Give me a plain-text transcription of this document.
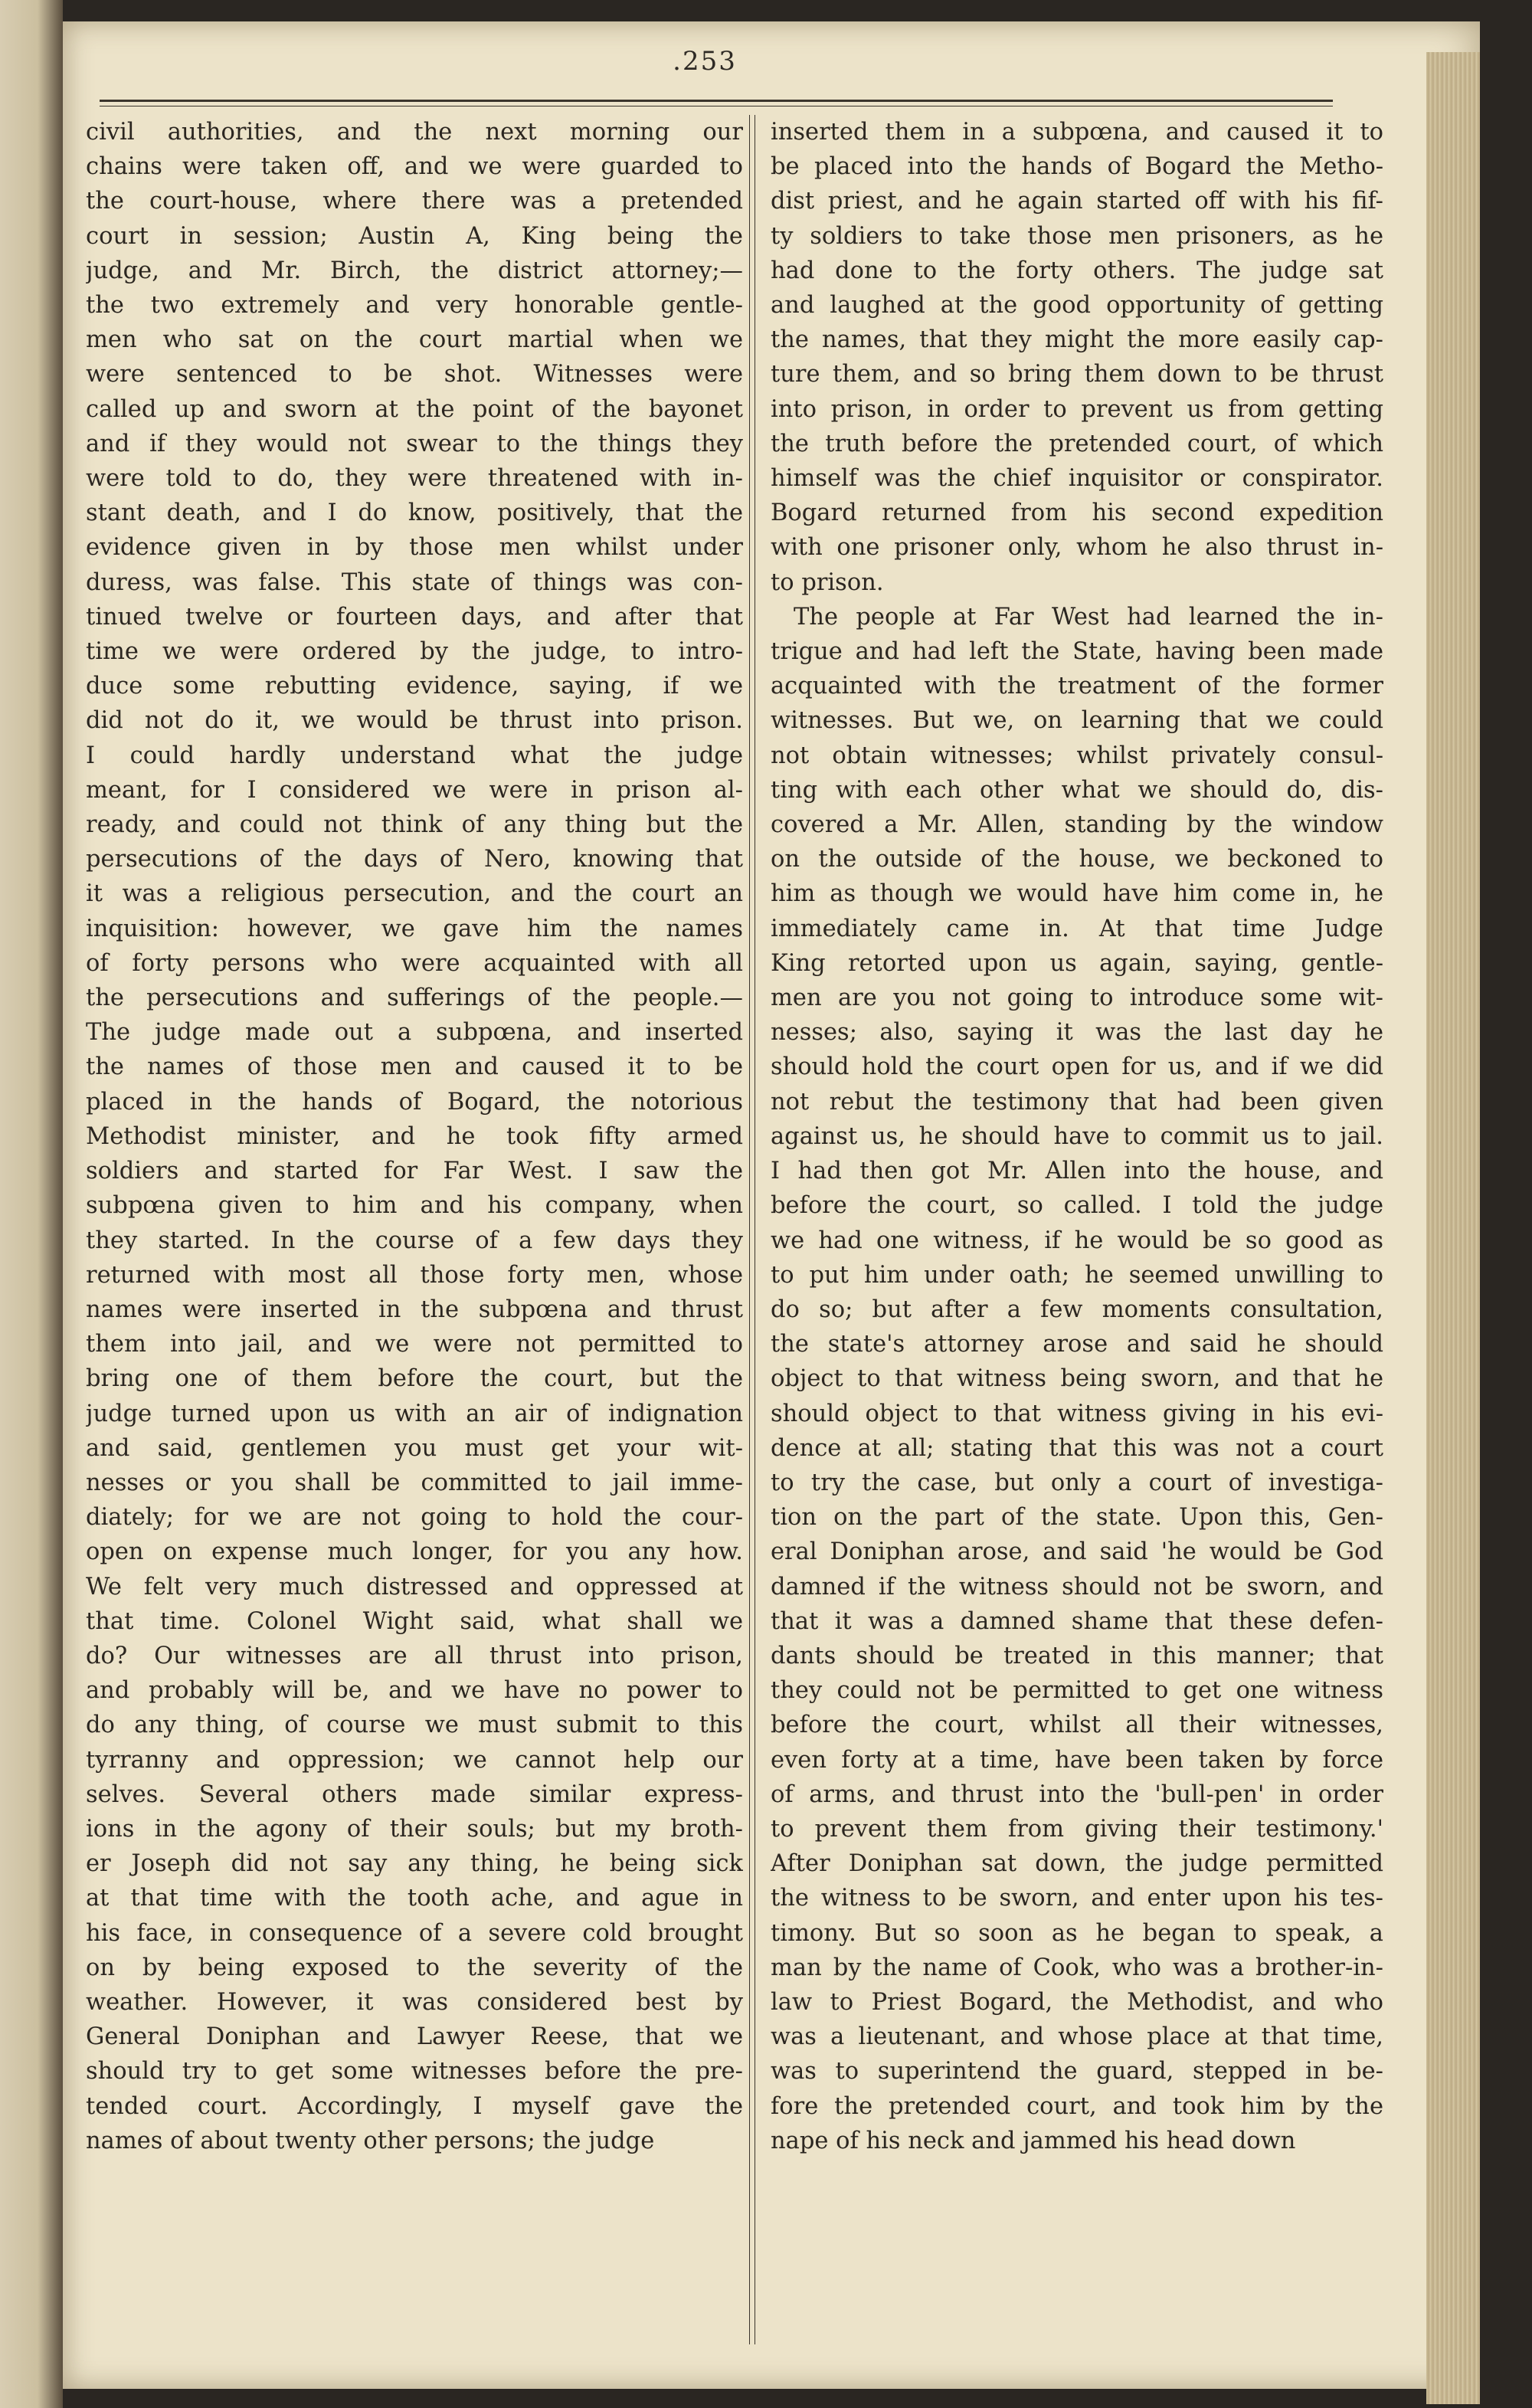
.253
civil authorities, and the next morning our
chains were taken off, and we were guarded to
the court-house, where there was a pretended
court in session; Austin A, King being the
judge, and Mr. Birch, the district attorney;—
the two extremely and very honorable gentle-
men who sat on the court martial when we
were sentenced to be shot. Witnesses were
called up and sworn at the point of the bayonet
and if they would not swear to the things they
were told to do, they were threatened with in-
stant death, and I do know, positively, that the
evidence given in by those men whilst under
duress, was false. This state of things was con-
tinued twelve or fourteen days, and after that
time we were ordered by the judge, to intro-
duce some rebutting evidence, saying, if we
did not do it, we would be thrust into prison.
I could hardly understand what the judge
meant, for I considered we were in prison al-
ready, and could not think of any thing but the
persecutions of the days of Nero, knowing that
it was a religious persecution, and the court an
inquisition: however, we gave him the names
of forty persons who were acquainted with all
the persecutions and sufferings of the people.—
The judge made out a subpœna, and inserted
the names of those men and caused it to be
placed in the hands of Bogard, the notorious
Methodist minister, and he took fifty armed
soldiers and started for Far West. I saw the
subpœna given to him and his company, when
they started. In the course of a few days they
returned with most all those forty men, whose
names were inserted in the subpœna and thrust
them into jail, and we were not permitted to
bring one of them before the court, but the
judge turned upon us with an air of indignation
and said, gentlemen you must get your wit-
nesses or you shall be committed to jail imme-
diately; for we are not going to hold the cour-
open on expense much longer, for you any how.
We felt very much distressed and oppressed at
that time. Colonel Wight said, what shall we
do? Our witnesses are all thrust into prison,
and probably will be, and we have no power to
do any thing, of course we must submit to this
tyrranny and oppression; we cannot help our
selves. Several others made similar express-
ions in the agony of their souls; but my broth-
er Joseph did not say any thing, he being sick
at that time with the tooth ache, and ague in
his face, in consequence of a severe cold brought
on by being exposed to the severity of the
weather. However, it was considered best by
General Doniphan and Lawyer Reese, that we
should try to get some witnesses before the pre-
tended court. Accordingly, I myself gave the
names of about twenty other persons; the judge
inserted them in a subpœna, and caused it to
be placed into the hands of Bogard the Metho-
dist priest, and he again started off with his fif-
ty soldiers to take those men prisoners, as he
had done to the forty others. The judge sat
and laughed at the good opportunity of getting
the names, that they might the more easily cap-
ture them, and so bring them down to be thrust
into prison, in order to prevent us from getting
the truth before the pretended court, of which
himself was the chief inquisitor or conspirator.
Bogard returned from his second expedition
with one prisoner only, whom he also thrust in-
to prison.
The people at Far West had learned the in-
trigue and had left the State, having been made
acquainted with the treatment of the former
witnesses. But we, on learning that we could
not obtain witnesses; whilst privately consul-
ting with each other what we should do, dis-
covered a Mr. Allen, standing by the window
on the outside of the house, we beckoned to
him as though we would have him come in, he
immediately came in. At that time Judge
King retorted upon us again, saying, gentle-
men are you not going to introduce some wit-
nesses; also, saying it was the last day he
should hold the court open for us, and if we did
not rebut the testimony that had been given
against us, he should have to commit us to jail.
I had then got Mr. Allen into the house, and
before the court, so called. I told the judge
we had one witness, if he would be so good as
to put him under oath; he seemed unwilling to
do so; but after a few moments consultation,
the state's attorney arose and said he should
object to that witness being sworn, and that he
should object to that witness giving in his evi-
dence at all; stating that this was not a court
to try the case, but only a court of investiga-
tion on the part of the state. Upon this, Gen-
eral Doniphan arose, and said 'he would be God
damned if the witness should not be sworn, and
that it was a damned shame that these defen-
dants should be treated in this manner; that
they could not be permitted to get one witness
before the court, whilst all their witnesses,
even forty at a time, have been taken by force
of arms, and thrust into the 'bull-pen' in order
to prevent them from giving their testimony.'
After Doniphan sat down, the judge permitted
the witness to be sworn, and enter upon his tes-
timony. But so soon as he began to speak, a
man by the name of Cook, who was a brother-in-
law to Priest Bogard, the Methodist, and who
was a lieutenant, and whose place at that time,
was to superintend the guard, stepped in be-
fore the pretended court, and took him by the
nape of his neck and jammed his head down
